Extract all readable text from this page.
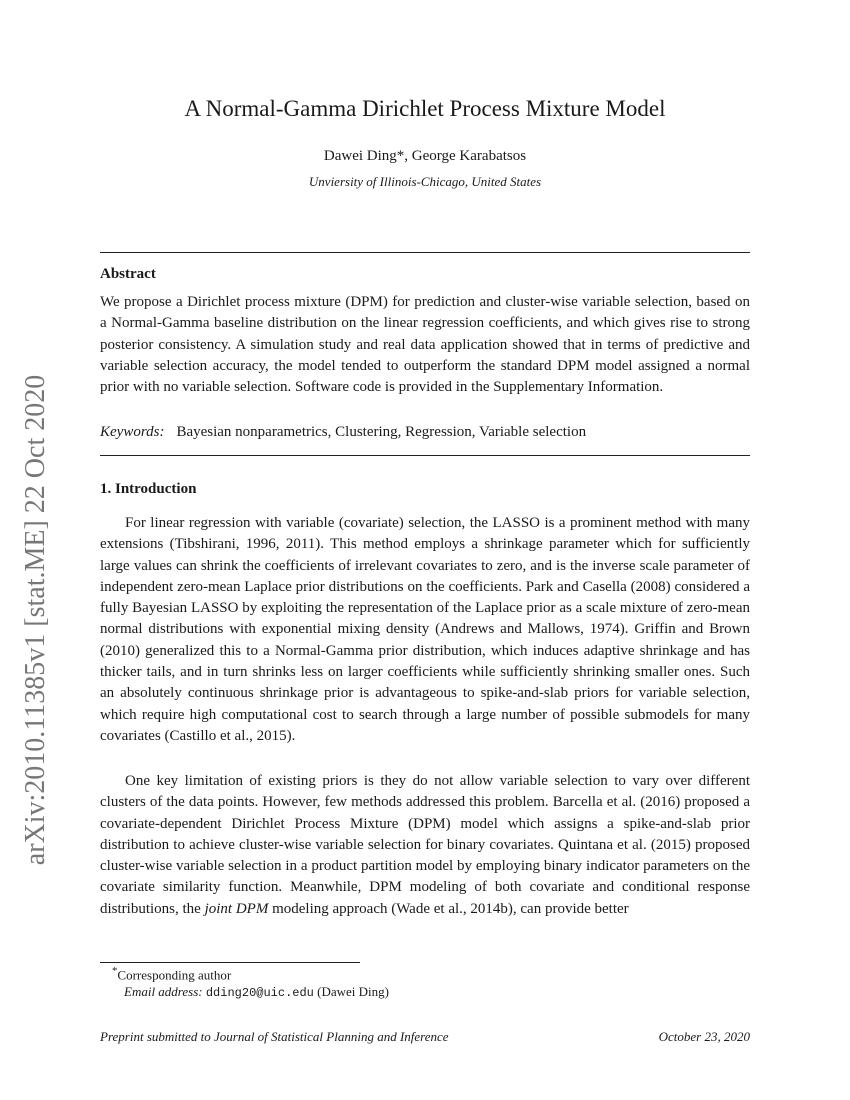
arXiv:2010.11385v1 [stat.ME] 22 Oct 2020
A Normal-Gamma Dirichlet Process Mixture Model
Dawei Ding*, George Karabatsos
Unviersity of Illinois-Chicago, United States
Abstract
We propose a Dirichlet process mixture (DPM) for prediction and cluster-wise variable selection, based on a Normal-Gamma baseline distribution on the linear regression coefficients, and which gives rise to strong posterior consistency. A simulation study and real data application showed that in terms of predictive and variable selection accuracy, the model tended to outperform the standard DPM model assigned a normal prior with no variable selection. Software code is provided in the Supplementary Information.
Keywords: Bayesian nonparametrics, Clustering, Regression, Variable selection
1. Introduction
For linear regression with variable (covariate) selection, the LASSO is a prominent method with many extensions (Tibshirani, 1996, 2011). This method employs a shrinkage parameter which for sufficiently large values can shrink the coefficients of irrelevant covariates to zero, and is the inverse scale parameter of independent zero-mean Laplace prior distributions on the coefficients. Park and Casella (2008) considered a fully Bayesian LASSO by exploiting the representation of the Laplace prior as a scale mixture of zero-mean normal distributions with exponential mixing density (Andrews and Mallows, 1974). Griffin and Brown (2010) generalized this to a Normal-Gamma prior distribution, which induces adaptive shrinkage and has thicker tails, and in turn shrinks less on larger coefficients while sufficiently shrinking smaller ones. Such an absolutely continuous shrinkage prior is advantageous to spike-and-slab priors for variable selection, which require high computational cost to search through a large number of possible submodels for many covariates (Castillo et al., 2015).
One key limitation of existing priors is they do not allow variable selection to vary over different clusters of the data points. However, few methods addressed this problem. Barcella et al. (2016) proposed a covariate-dependent Dirichlet Process Mixture (DPM) model which assigns a spike-and-slab prior distribution to achieve cluster-wise variable selection for binary covariates. Quintana et al. (2015) proposed cluster-wise variable selection in a product partition model by employing binary indicator parameters on the covariate similarity function. Meanwhile, DPM modeling of both covariate and conditional response distributions, the joint DPM modeling approach (Wade et al., 2014b), can provide better
*Corresponding author
Email address: dding20@uic.edu (Dawei Ding)
Preprint submitted to Journal of Statistical Planning and Inference	October 23, 2020
